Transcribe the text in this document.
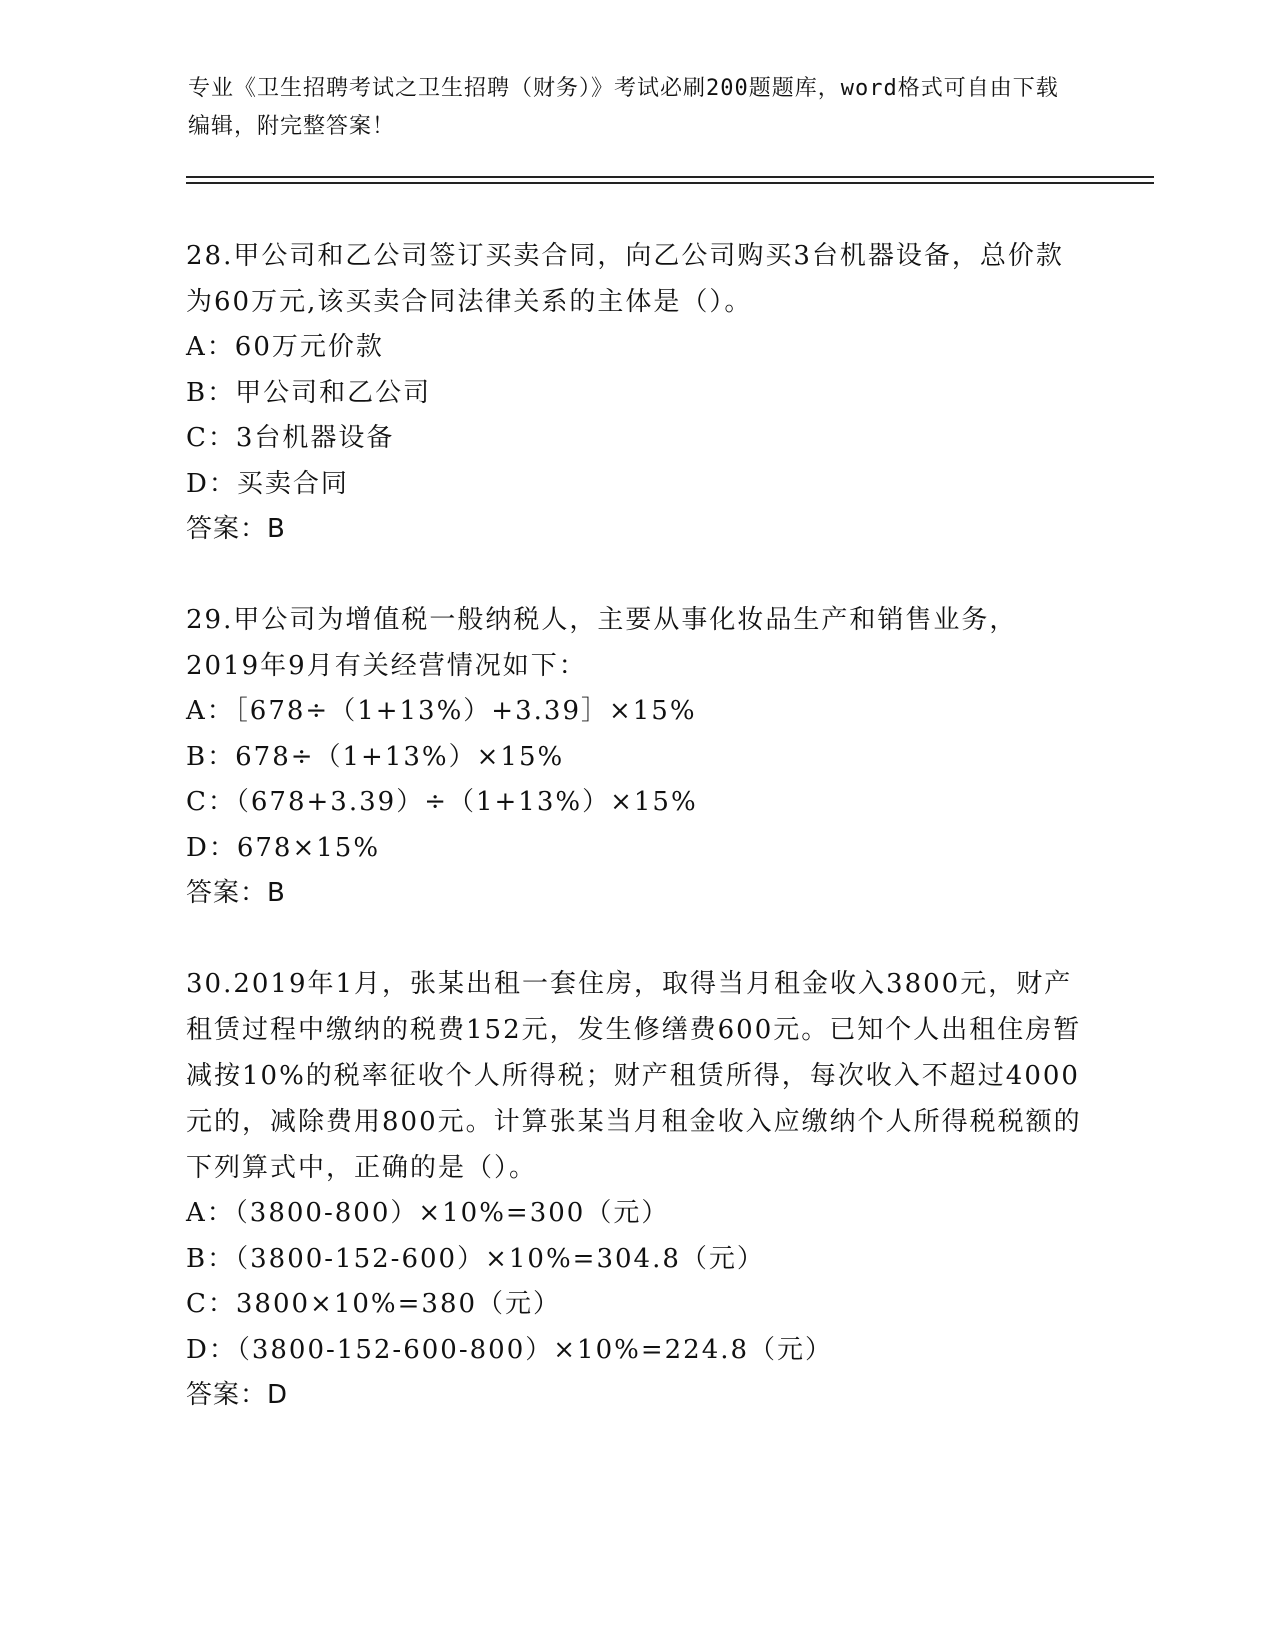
专业《卫生招聘考试之卫生招聘（财务）》考试必刷200题题库，word格式可自由下载编辑，附完整答案！

28.甲公司和乙公司签订买卖合同，向乙公司购买3台机器设备，总价款为60万元,该买卖合同法律关系的主体是（）。

A：60万元价款

B：甲公司和乙公司

C：3台机器设备

D：买卖合同

答案：B

29.甲公司为增值税一般纳税人，主要从事化妆品生产和销售业务，2019年9月有关经营情况如下：

A：［678÷（1+13%）+3.39］×15%

B：678÷（1+13%）×15%

C：（678+3.39）÷（1+13%）×15%

D：678×15%

答案：B

30.2019年1月，张某出租一套住房，取得当月租金收入3800元，财产租赁过程中缴纳的税费152元，发生修缮费600元。已知个人出租住房暂减按10%的税率征收个人所得税；财产租赁所得，每次收入不超过4000元的，减除费用800元。计算张某当月租金收入应缴纳个人所得税税额的下列算式中，正确的是（）。

A：（3800-800）×10%=300（元）

B：（3800-152-600）×10%=304.8（元）

C：3800×10%=380（元）

D：（3800-152-600-800）×10%=224.8（元）

答案：D
